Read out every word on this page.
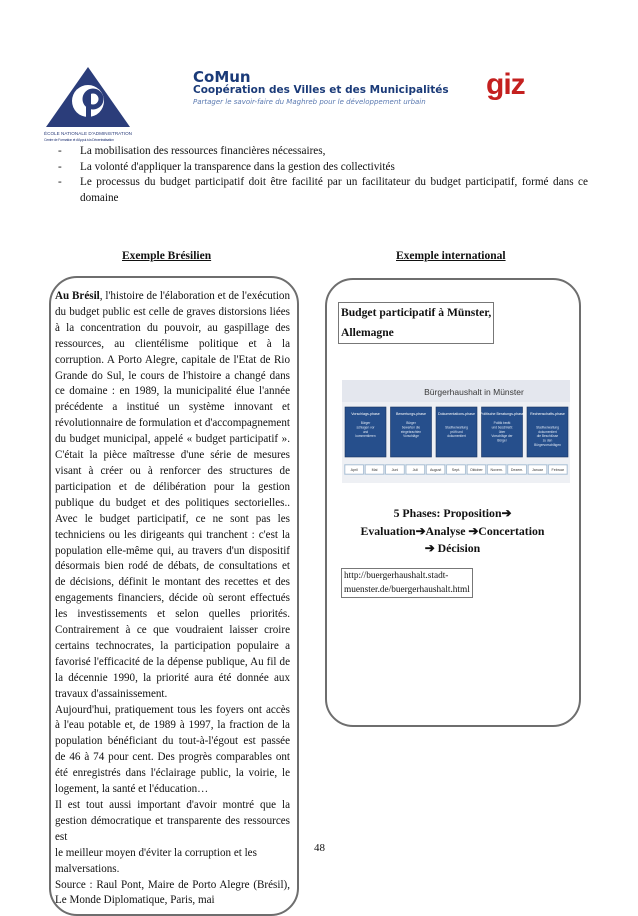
ÉCOLE NATIONALE D'ADMINISTRATION
Centre de Formation et d'Appui à la Décentralisation
CoMun
Coopération des Villes et des Municipalités
Partager le savoir-faire du Maghreb pour le développement urbain
giz
-	La mobilisation des ressources financières nécessaires,
-	La volonté d'appliquer la transparence dans la gestion des collectivités
-	Le processus du budget participatif doit être facilité par un facilitateur du budget participatif, formé dans ce domaine
Exemple Brésilien	Exemple international

Au Brésil, l'histoire de l'élaboration et de l'exécution du budget public est celle de graves distorsions liées à la concentration du pouvoir, au gaspillage des ressources, au clientélisme politique et à la corruption. A Porto Alegre, capitale de l'Etat de Rio Grande do Sul, le cours de l'histoire a changé dans ce domaine : en 1989, la municipalité élue l'année précédente a institué un système innovant et révolutionnaire de formulation et d'accompagnement du budget municipal, appelé « budget participatif ». C'était la pièce maîtresse d'une série de mesures visant à créer ou à renforcer des structures de participation et de délibération pour la gestion publique du budget et des politiques sectorielles.. Avec le budget participatif, ce ne sont pas les techniciens ou les dirigeants qui tranchent : c'est la population elle-même qui, au travers d'un dispositif désormais bien rodé de débats, de consultations et de décisions, définit le montant des recettes et des engagements financiers, décide où seront effectués les investissements et selon quelles priorités. Contrairement à ce que voudraient laisser croire certains technocrates, la participation populaire a favorisé l'efficacité de la dépense publique, Au fil de la décennie 1990, la priorité aura été donnée aux travaux d'assainissement.

Aujourd'hui, pratiquement tous les foyers ont accès à l'eau potable et, de 1989 à 1997, la fraction de la population bénéficiant du tout-à-l'égout est passée de 46 à 74 pour cent. Des progrès comparables ont été enregistrés dans l'éclairage public, la voirie, le logement, la santé et l'éducation…

Il est tout aussi important d'avoir montré que la gestion démocratique et transparente des ressources est

le meilleur moyen d'éviter la corruption et les malversations.

Source : Raul Pont, Maire de Porto Alegre (Brésil), Le Monde Diplomatique, Paris, mai

Budget participatif à Münster,
Allemagne
Bürgerhaushalt in Münster
Vorschlags-phase
Bürger
schlagen vor
und
kommentieren
Bewertungs-phase
Bürger
bewerten die
eingebrachten
Vorschläge
Dokumentations-phase
Stadtverwaltung
prüft und
dokumentiert
Politische Beratungs-phase
Politik berät
und beschließt
über
Vorschläge der
Bürger
Rechenschafts-phase
Stadtverwaltung
dokumentiert
die Beschlüsse
zu den
Bürgervorschlägen
April	Mai	Juni	Juli	August	Sept.	Oktober Novem. Dezem. Januar Februar
5 Phases: Proposition➔
Evaluation➔Analyse ➔Concertation
➔ Décision
http://buergerhaushalt.stadt-
muenster.de/buergerhaushalt.html
48
